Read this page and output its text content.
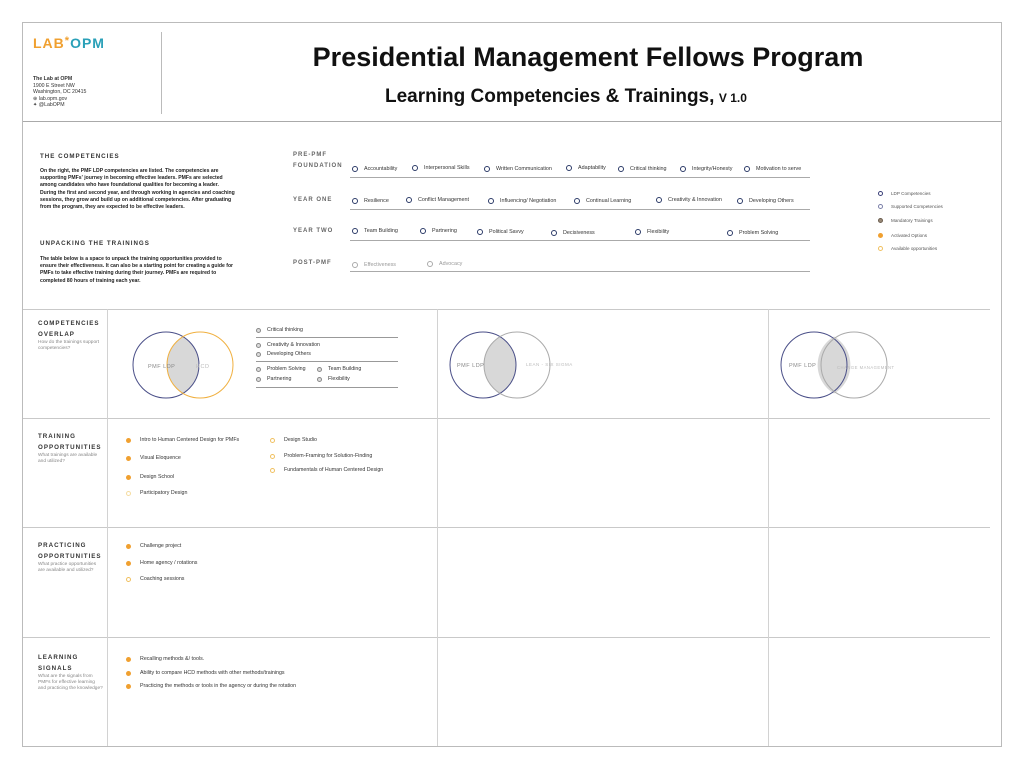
LAB*OPM
The Lab at OPM
1900 E Street NW
Washington, DC 20415
⊕ lab.opm.gov
✦ @LabOPM
Presidential Management Fellows Program
Learning Competencies & Trainings, V 1.0
THE COMPETENCIES
On the right, the PMF LDP competencies are listed. The competencies are supporting PMFs' journey in becoming effective leaders. PMFs are selected among candidates who have foundational qualities for becoming a leader. During the first and second year, and through working in agencies and coaching sessions, they grow and build up on additional competencies. After graduating from the program, they are expected to be effective leaders.
UNPACKING THE TRAININGS
The table below is a space to unpack the training opportunities provided to ensure their effectiveness. It can also be a starting point for creating a guide for PMFs to take effective training during their journey. PMFs are required to completed 80 hours of training each year.
PRE-PMF
FOUNDATION	Accountability	Interpersonal Skills	Written Communication	Adaptability	Critical thinking	Integrity/Honesty	Motivation to serve
YEAR ONE	Resilience	Conflict Management	Influencing/ Negotiation	Continual Learning	Creativity & Innovation	Developing Others
YEAR TWO	Team Building	Partnering	Political Savvy	Decisiveness	Flexibility	Problem Solving
POST-PMF	Effectiveness	Advocacy
LDP Competencies
Supported Competencies
Mandatory Trainings
Activated Options
Available opportunities
COMPETENCIES
OVERLAP
How do the trainings support competencies?
TRAINING
OPPORTUNITIES
What trainings are available and utilized?
PRACTICING
OPPORTUNITIES
What practice opportunities are available and utilized?
LEARNING
SIGNALS
What are the signals from PMFs for effective learning and practicing the knowledge?
PMF LDP	HCD	PMF LDP	LEAN - SIX SIGMA	PMF LDP	CHANGE MANAGEMENT
Critical thinking
Creativity & Innovation
Developing Others
Problem Solving	Team Building
Partnering	Flexibility
Intro to Human Centered Design for PMFs
Visual Eloquence
Design School
Participatory Design
Design Studio
Problem-Framing for Solution-Finding
Fundamentals of Human Centered Design
Challenge project
Home agency / rotations
Coaching sessions
Recalling methods &/ tools.
Ability to compare HCD methods with other methods/trainings
Practicing the methods or tools in the agency or during the rotation
